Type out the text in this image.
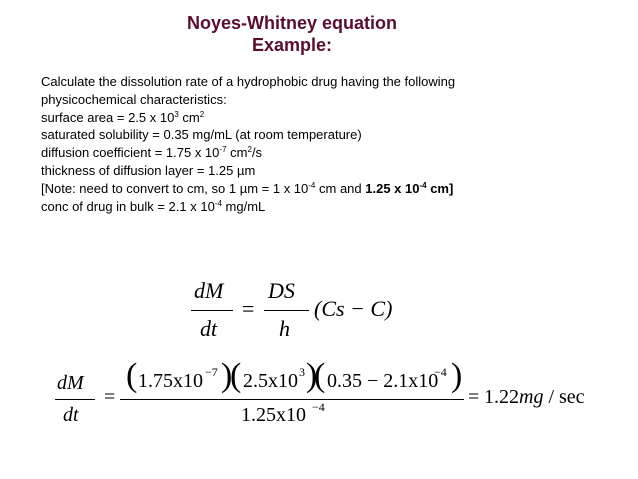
Noyes-Whitney equation
Example:
Calculate the dissolution rate of a hydrophobic drug having the following
physicochemical characteristics:
surface area = 2.5 x $10^3$ $cm^2$
saturated solubility = 0.35 mg/mL (at room temperature)
diffusion coefficient = 1.75 x $10^{-7}$ $cm^2/s$
thickness of diffusion layer = 1.25 µm
[Note: need to convert to cm, so 1 µm = 1 x $10^{-4}$ cm and 1.25 x $10^{-4}$ cm]
conc of drug in bulk = 2.1 x $10^{-4}$ mg/mL
dM
dt
=
DS
h
(Cs − C)
dM
dt
=
( 1.75x10 −7 )
( 2.5x10 3 )
( 0.35 − 2.1x10
−4 )
1.25x10 −4	= 1.22mg / sec
